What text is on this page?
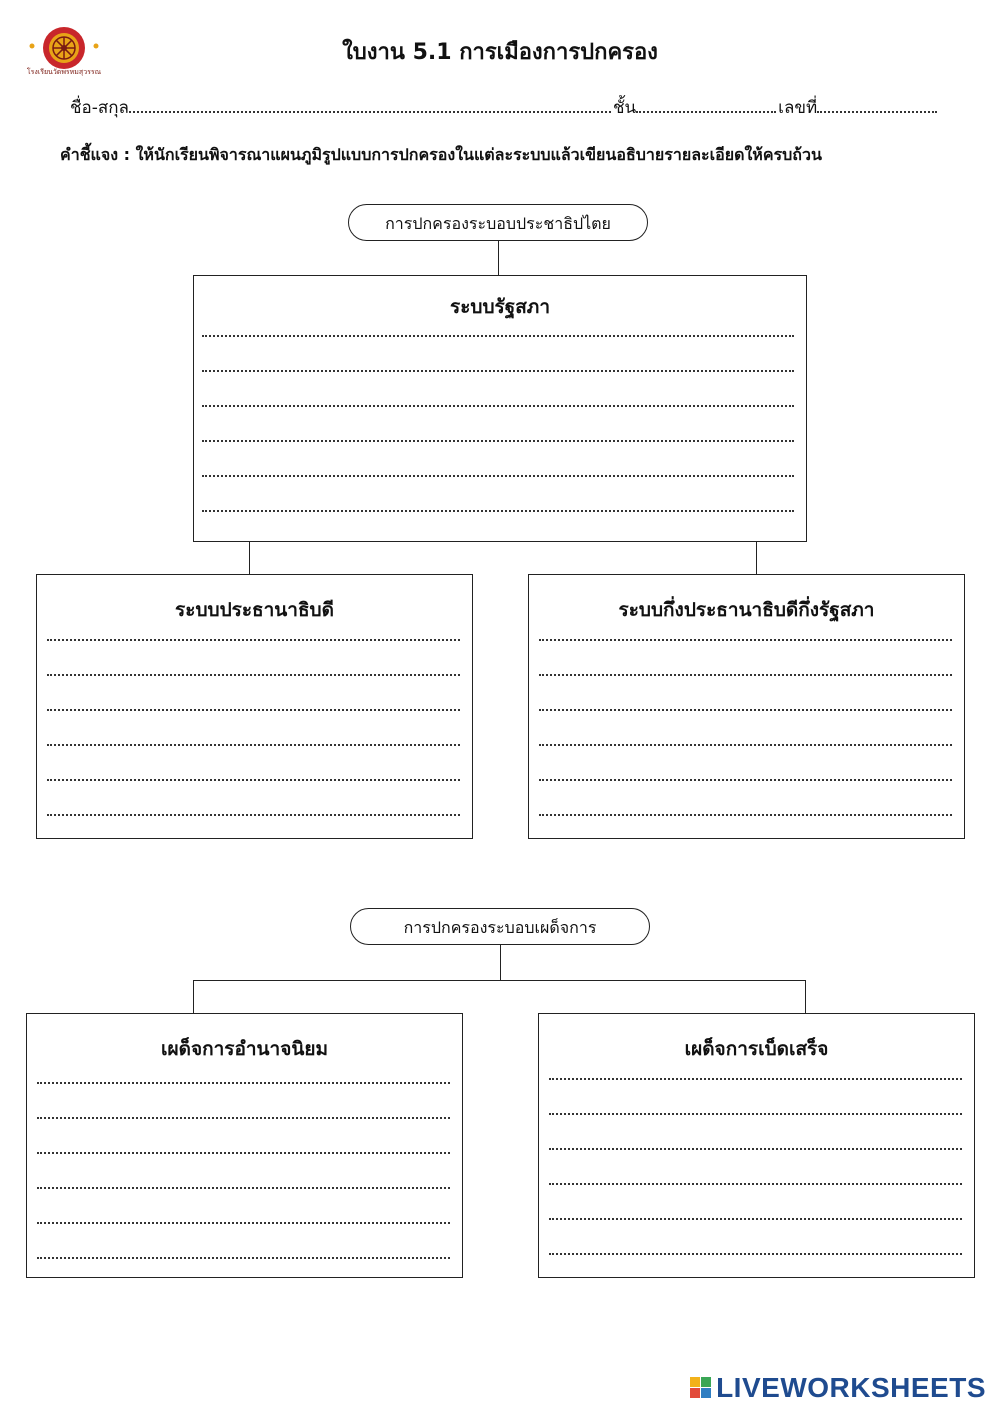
โรงเรียนวัดพรหมสุวรรณ
ใบงาน 5.1 การเมืองการปกครอง
ชื่อ-สกุล	ชั้น	เลขที่
คำชี้แจง : ให้นักเรียนพิจารณาแผนภูมิรูปแบบการปกครองในแต่ละระบบแล้วเขียนอธิบายรายละเอียดให้ครบถ้วน
การปกครองระบอบประชาธิปไตย
ระบบรัฐสภา
ระบบประธานาธิบดี	ระบบกึ่งประธานาธิบดีกึ่งรัฐสภา
การปกครองระบอบเผด็จการ
เผด็จการอำนาจนิยม	เผด็จการเบ็ดเสร็จ
LIVEWORKSHEETS
